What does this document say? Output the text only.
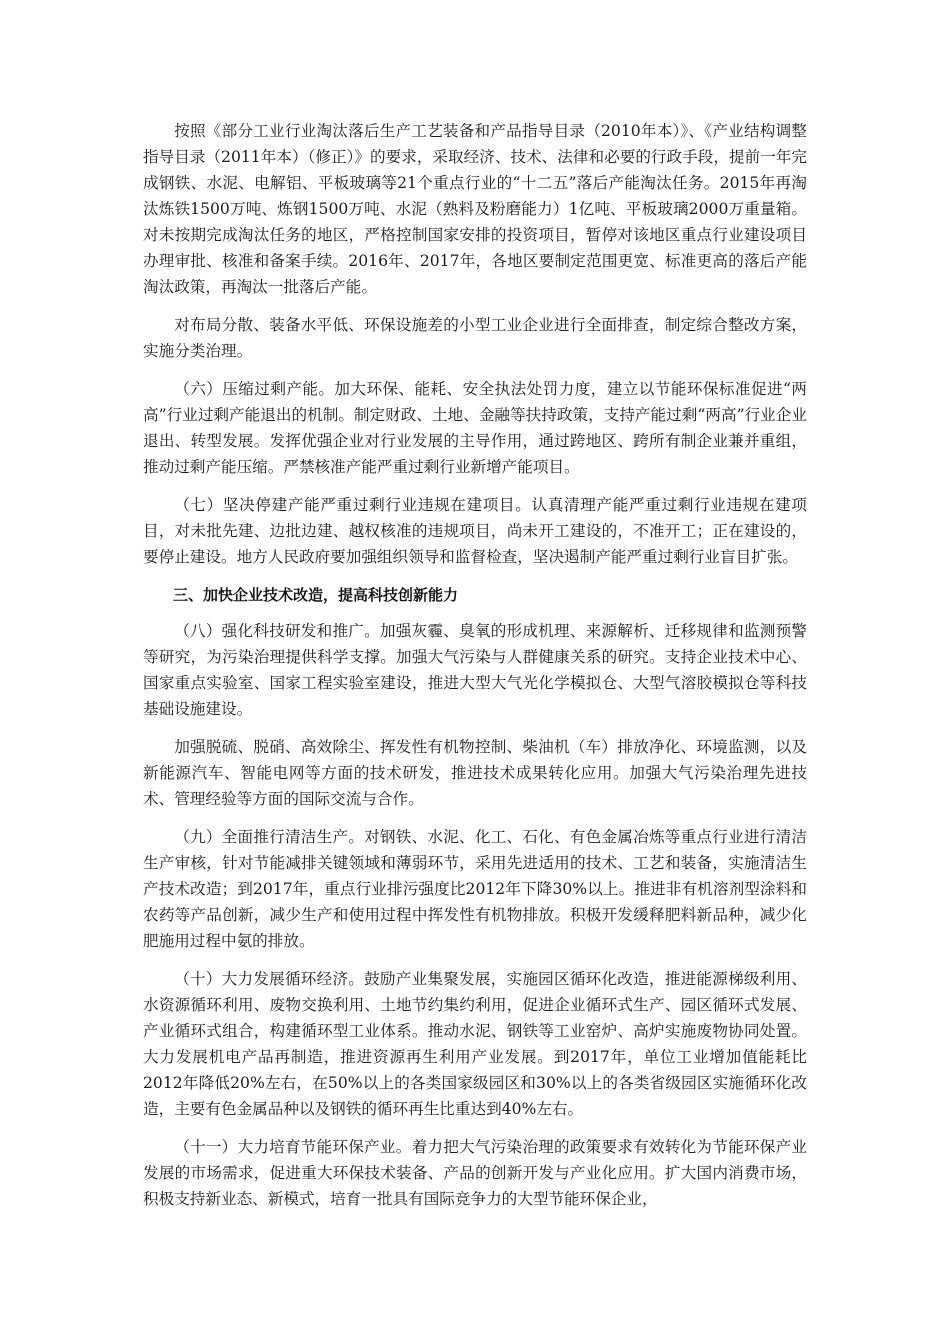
按照《部分工业行业淘汰落后生产工艺装备和产品指导目录（2010年本）》、《产业结构调整指导目录（2011年本）（修正）》的要求，采取经济、技术、法律和必要的行政手段，提前一年完成钢铁、水泥、电解铝、平板玻璃等21个重点行业的“十二五”落后产能淘汰任务。2015年再淘汰炼铁1500万吨、炼钢1500万吨、水泥（熟料及粉磨能力）1亿吨、平板玻璃2000万重量箱。对未按期完成淘汰任务的地区，严格控制国家安排的投资项目，暂停对该地区重点行业建设项目办理审批、核准和备案手续。2016年、2017年，各地区要制定范围更宽、标准更高的落后产能淘汰政策，再淘汰一批落后产能。

对布局分散、装备水平低、环保设施差的小型工业企业进行全面排查，制定综合整改方案，实施分类治理。

（六）压缩过剩产能。加大环保、能耗、安全执法处罚力度，建立以节能环保标准促进“两高”行业过剩产能退出的机制。制定财政、土地、金融等扶持政策，支持产能过剩“两高”行业企业退出、转型发展。发挥优强企业对行业发展的主导作用，通过跨地区、跨所有制企业兼并重组，推动过剩产能压缩。严禁核准产能严重过剩行业新增产能项目。

（七）坚决停建产能严重过剩行业违规在建项目。认真清理产能严重过剩行业违规在建项目，对未批先建、边批边建、越权核准的违规项目，尚未开工建设的，不准开工；正在建设的，要停止建设。地方人民政府要加强组织领导和监督检查，坚决遏制产能严重过剩行业盲目扩张。

三、加快企业技术改造，提高科技创新能力

（八）强化科技研发和推广。加强灰霾、臭氧的形成机理、来源解析、迁移规律和监测预警等研究，为污染治理提供科学支撑。加强大气污染与人群健康关系的研究。支持企业技术中心、国家重点实验室、国家工程实验室建设，推进大型大气光化学模拟仓、大型气溶胶模拟仓等科技基础设施建设。

加强脱硫、脱硝、高效除尘、挥发性有机物控制、柴油机（车）排放净化、环境监测，以及新能源汽车、智能电网等方面的技术研发，推进技术成果转化应用。加强大气污染治理先进技术、管理经验等方面的国际交流与合作。

（九）全面推行清洁生产。对钢铁、水泥、化工、石化、有色金属冶炼等重点行业进行清洁生产审核，针对节能减排关键领域和薄弱环节，采用先进适用的技术、工艺和装备，实施清洁生产技术改造；到2017年，重点行业排污强度比2012年下降30%以上。推进非有机溶剂型涂料和农药等产品创新，减少生产和使用过程中挥发性有机物排放。积极开发缓释肥料新品种，减少化肥施用过程中氨的排放。

（十）大力发展循环经济。鼓励产业集聚发展，实施园区循环化改造，推进能源梯级利用、水资源循环利用、废物交换利用、土地节约集约利用，促进企业循环式生产、园区循环式发展、产业循环式组合，构建循环型工业体系。推动水泥、钢铁等工业窑炉、高炉实施废物协同处置。大力发展机电产品再制造，推进资源再生利用产业发展。到2017年，单位工业增加值能耗比2012年降低20%左右，在50%以上的各类国家级园区和30%以上的各类省级园区实施循环化改造，主要有色金属品种以及钢铁的循环再生比重达到40%左右。

（十一）大力培育节能环保产业。着力把大气污染治理的政策要求有效转化为节能环保产业发展的市场需求，促进重大环保技术装备、产品的创新开发与产业化应用。扩大国内消费市场，积极支持新业态、新模式，培育一批具有国际竞争力的大型节能环保企业，
